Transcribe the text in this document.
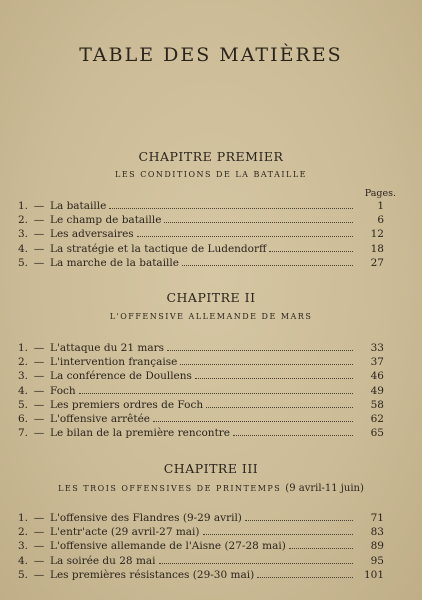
TABLE DES MATIÈRES
CHAPITRE PREMIER
LES CONDITIONS DE LA BATAILLE
Pages.
CHAPITRE II
L'OFFENSIVE ALLEMANDE DE MARS
CHAPITRE III
LES TROIS OFFENSIVES DE PRINTEMPS (9 avril-11 juin)
1. — La bataille	1
2. — Le champ de bataille	6
3. — Les adversaires	12
4. — La stratégie et la tactique de Ludendorff	18
5. — La marche de la bataille	27
1. — L'attaque du 21 mars	33
2. — L'intervention française	37
3. — La conférence de Doullens	46
4. — Foch	49
5. — Les premiers ordres de Foch	58
6. — L'offensive arrêtée	62
7. — Le bilan de la première rencontre	65
1. — L'offensive des Flandres (9-29 avril)	71
2. — L'entr'acte (29 avril-27 mai)	83
3. — L'offensive allemande de l'Aisne (27-28 mai)	89
4. — La soirée du 28 mai	95
5. — Les premières résistances (29-30 mai)	101
